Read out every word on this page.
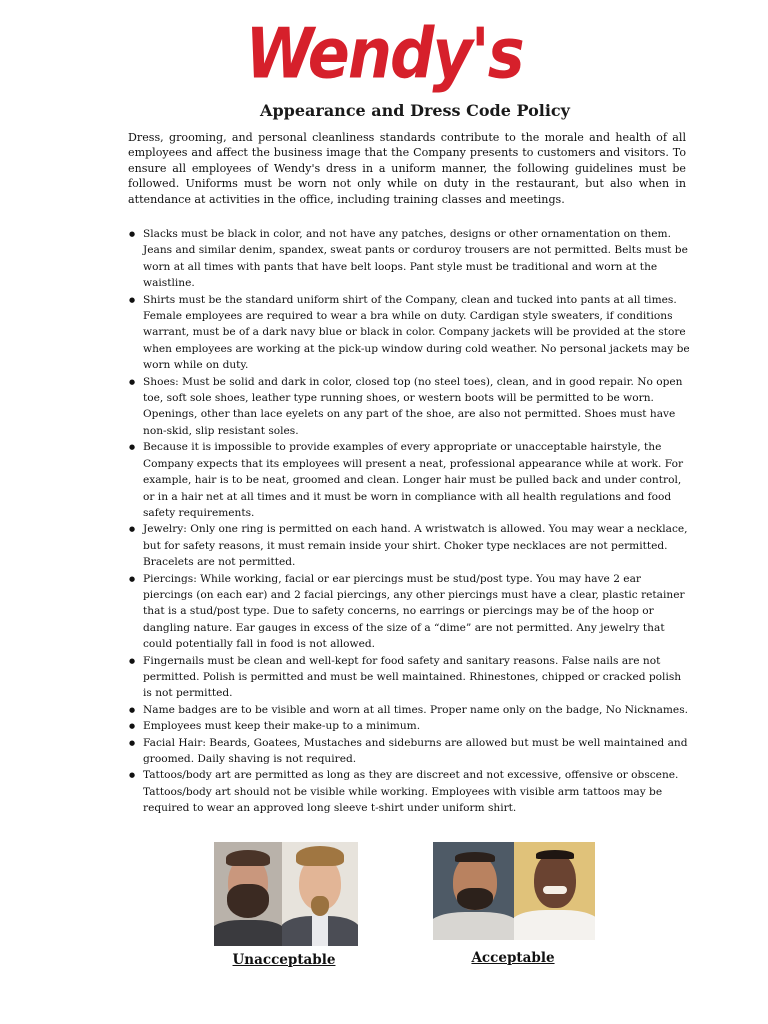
Wendy's
Appearance and Dress Code Policy

Dress, grooming, and personal cleanliness standards contribute to the morale and health of all employees and affect the business image that the Company presents to customers and visitors. To ensure all employees of Wendy's dress in a uniform manner, the following guidelines must be followed. Uniforms must be worn not only while on duty in the restaurant, but also when in attendance at activities in the office, including training classes and meetings.

● Slacks must be black in color, and not have any patches, designs or other ornamentation on them. Jeans and similar denim, spandex, sweat pants or corduroy trousers are not permitted. Belts must be worn at all times with pants that have belt loops. Pant style must be traditional and worn at the waistline.
● Shirts must be the standard uniform shirt of the Company, clean and tucked into pants at all times. Female employees are required to wear a bra while on duty. Cardigan style sweaters, if conditions warrant, must be of a dark navy blue or black in color. Company jackets will be provided at the store when employees are working at the pick-up window during cold weather. No personal jackets may be worn while on duty.
● Shoes: Must be solid and dark in color, closed top (no steel toes), clean, and in good repair. No open toe, soft sole shoes, leather type running shoes, or western boots will be permitted to be worn. Openings, other than lace eyelets on any part of the shoe, are also not permitted. Shoes must have non-skid, slip resistant soles.
● Because it is impossible to provide examples of every appropriate or unacceptable hairstyle, the Company expects that its employees will present a neat, professional appearance while at work. For example, hair is to be neat, groomed and clean. Longer hair must be pulled back and under control, or in a hair net at all times and it must be worn in compliance with all health regulations and food safety requirements.
● Jewelry: Only one ring is permitted on each hand. A wristwatch is allowed. You may wear a necklace, but for safety reasons, it must remain inside your shirt. Choker type necklaces are not permitted. Bracelets are not permitted.
● Piercings: While working, facial or ear piercings must be stud/post type. You may have 2 ear piercings (on each ear) and 2 facial piercings, any other piercings must have a clear, plastic retainer that is a stud/post type. Due to safety concerns, no earrings or piercings may be of the hoop or dangling nature. Ear gauges in excess of the size of a “dime” are not permitted. Any jewelry that could potentially fall in food is not allowed.
● Fingernails must be clean and well-kept for food safety and sanitary reasons. False nails are not permitted. Polish is permitted and must be well maintained. Rhinestones, chipped or cracked polish is not permitted.
● Name badges are to be visible and worn at all times. Proper name only on the badge, No Nicknames.
● Employees must keep their make-up to a minimum.
● Facial Hair: Beards, Goatees, Mustaches and sideburns are allowed but must be well maintained and groomed. Daily shaving is not required.
● Tattoos/body art are permitted as long as they are discreet and not excessive, offensive or obscene. Tattoos/body art should not be visible while working. Employees with visible arm tattoos may be required to wear an approved long sleeve t-shirt under uniform shirt.
Unacceptable	Acceptable
